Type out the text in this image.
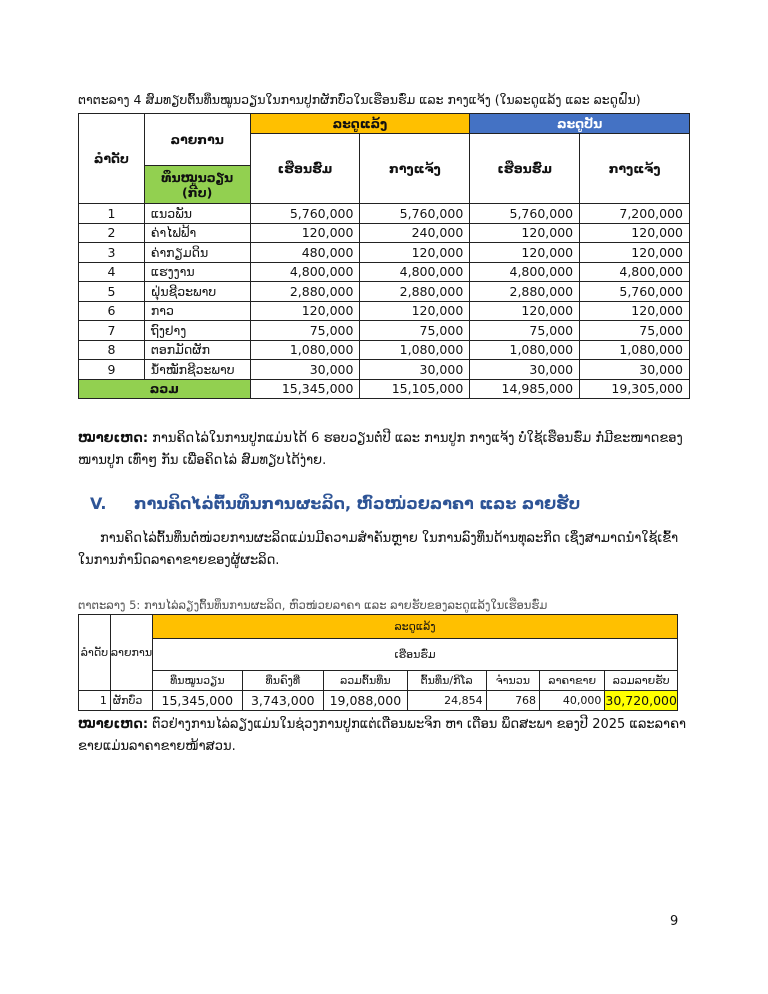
ຕາຕະລາງ 4 ສົມທຽບຕົ້ນທຶນໝູນວຽນໃນການປູກຜັກບົ່ວໃນເຮືອນຮົ່ມ ແລະ ກາງແຈ້ງ (ໃນລະດູແລ້ງ ແລະ ລະດູຝົນ)
ລຳດັບ	ລາຍການ	ລະດູແລ້ງ		ລະດູປັນ	
		ເຮືອນຮົ່ມ	ກາງແຈ້ງ	ເຮືອນຮົ່ມ	ກາງແຈ້ງ
	ທຶນໝູນວຽນ (ກີບ)				
1	ແນວພັນ	5,760,000	5,760,000	5,760,000	7,200,000
2	ຄ່າໄຟຟ້າ	120,000	240,000	120,000	120,000
3	ຄ່າກຽມດິນ	480,000	120,000	120,000	120,000
4	ແຮງງານ	4,800,000	4,800,000	4,800,000	4,800,000
5	ຝຸ່ນຊີວະພາບ	2,880,000	2,880,000	2,880,000	5,760,000
6	ກາວ	120,000	120,000	120,000	120,000
7	ຖົງຢາງ	75,000	75,000	75,000	75,000
8	ຕອກມັດຜັກ	1,080,000	1,080,000	1,080,000	1,080,000
9	ນ້ຳໝັກຊີວະພາບ	30,000	30,000	30,000	30,000
ລວມ		15,345,000	15,105,000	14,985,000	19,305,000
ໝາຍເຫດ: ການຄິດໄລ່ໃນການປູກແມ່ນໄດ້ 6 ຮອບວຽນຕໍ່ປີ ແລະ ການປູກ ກາງແຈ້ງ ບໍ່ໃຊ້ເຮືອນຮົ່ມ ກໍ່ມີຂະໜາດຂອງໜານປູກ ເທົ່າໆ ກັນ ເພື່ອຄິດໄລ່ ສົມທຽບໄດ້ງ່າຍ.
V. ການຄິດໄລ່ຕົ້ນທຶນການຜະລິດ, ຫົວໜ່ວຍລາຄາ ແລະ ລາຍຮັບ
ການຄິດໄລ່ຕົ້ນທຶນຕໍ່ໜ່ວຍການຜະລິດແມ່ນມີຄວາມສຳຄັນຫຼາຍ ໃນການລົງທຶນດ້ານທຸລະກິດ ເຊິ່ງສາມາດນຳໃຊ້ເຂົ້າໃນການກຳນົດລາຄາຂາຍຂອງຜູ້ຜະລິດ.
ຕາຕະລາງ 5: ການໄລ່ລຽງຕົ້ນທຶນການຜະລິດ, ຫົວໜ່ວຍລາຄາ ແລະ ລາຍຮັບຂອງລະດູແລ້ງໃນເຮືອນຮົ່ມ
ລຳດັບ	ລາຍການ	ລະດູແລ້ງ						
		ເຮືອນຮົ່ມ						
		ທຶນໝູນວຽນ	ທຶນຄົງທີ່	ລວມຕົ້ນທຶນ	ຕົ້ນທຶນ/ກິໂລ	ຈຳນວນ	ລາຄາຂາຍ	ລວມລາຍຮັບ
1	ຜັກບົ່ວ	15,345,000	3,743,000	19,088,000	24,854	768	40,000	30,720,000
ໝາຍເຫດ: ຕົວຢ່າງການໄລ່ລຽງແມ່ນໃນຊ່ວງການປູກແຕ່ເດືອນພະຈິກ ຫາ ເດືອນ ພຶດສະພາ ຂອງປີ 2025 ແລະລາຄາຂາຍແມ່ນລາຄາຂາຍໜ້າສວນ.
9
